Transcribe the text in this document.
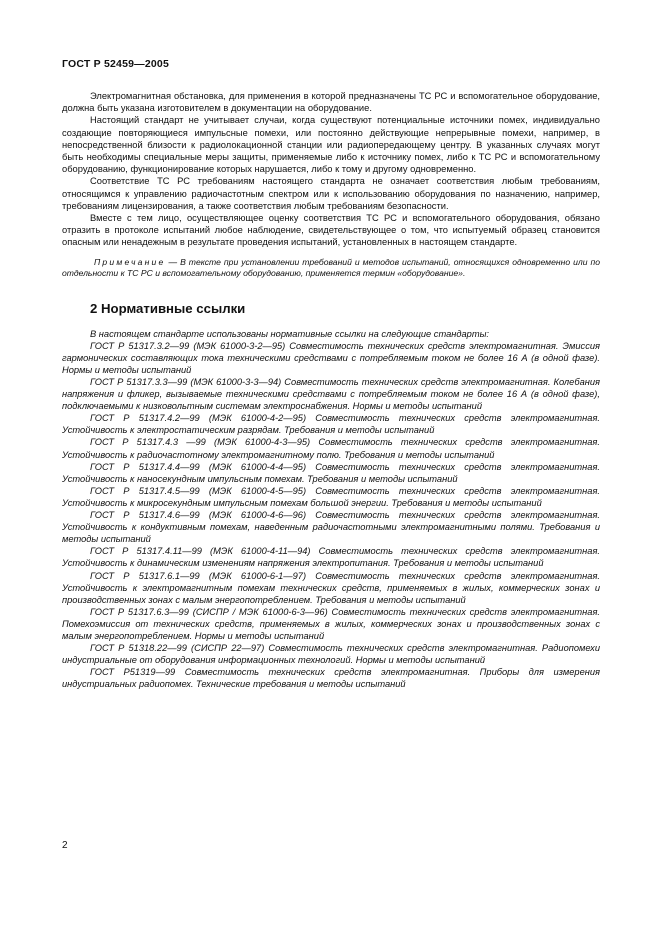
ГОСТ Р 52459—2005

Электромагнитная обстановка, для применения в которой предназначены ТС РС и вспомогательное оборудование, должна быть указана изготовителем в документации на оборудование.

Настоящий стандарт не учитывает случаи, когда существуют потенциальные источники помех, индивидуально создающие повторяющиеся импульсные помехи, или постоянно действующие непрерывные помехи, например, в непосредственной близости к радиолокационной станции или радиопередающему центру. В указанных случаях могут быть необходимы специальные меры защиты, применяемые либо к источнику помех, либо к ТС РС и вспомогательному оборудованию, функционирование которых нарушается, либо к тому и другому одновременно.

Соответствие ТС РС требованиям настоящего стандарта не означает соответствия любым требованиям, относящимся к управлению радиочастотным спектром или к использованию оборудования по назначению, например, требованиям лицензирования, а также соответствия любым требованиям безопасности.

Вместе с тем лицо, осуществляющее оценку соответствия ТС РС и вспомогательного оборудования, обязано отразить в протоколе испытаний любое наблюдение, свидетельствующее о том, что испытуемый образец становится опасным или ненадежным в результате проведения испытаний, установленных в настоящем стандарте.

Примечание — В тексте при установлении требований и методов испытаний, относящихся одновременно или по отдельности к ТС РС и вспомогательному оборудованию, применяется термин «оборудование».

2 Нормативные ссылки

В настоящем стандарте использованы нормативные ссылки на следующие стандарты:

ГОСТ Р 51317.3.2—99 (МЭК 61000-3-2—95) Совместимость технических средств электромагнитная. Эмиссия гармонических составляющих тока техническими средствами с потребляемым током не более 16 А (в одной фазе). Нормы и методы испытаний

ГОСТ Р 51317.3.3—99 (МЭК 61000-3-3—94) Совместимость технических средств электромагнитная. Колебания напряжения и фликер, вызываемые техническими средствами с потребляемым током не более 16 А (в одной фазе), подключаемыми к низковольтным системам электроснабжения. Нормы и методы испытаний

ГОСТ Р 51317.4.2—99 (МЭК 61000-4-2—95) Совместимость технических средств электромагнитная. Устойчивость к электростатическим разрядам. Требования и методы испытаний

ГОСТ Р 51317.4.3 —99 (МЭК 61000-4-3—95) Совместимость технических средств электромагнитная. Устойчивость к радиочастотному электромагнитному полю. Требования и методы испытаний

ГОСТ Р 51317.4.4—99 (МЭК 61000-4-4—95) Совместимость технических средств электромагнитная. Устойчивость к наносекундным импульсным помехам. Требования и методы испытаний

ГОСТ Р 51317.4.5—99 (МЭК 61000-4-5—95) Совместимость технических средств электромагнитная. Устойчивость к микросекундным импульсным помехам большой энергии. Требования и методы испытаний

ГОСТ Р 51317.4.6—99 (МЭК 61000-4-6—96) Совместимость технических средств электромагнитная. Устойчивость к кондуктивным помехам, наведенным радиочастотными электромагнитными полями. Требования и методы испытаний

ГОСТ Р 51317.4.11—99 (МЭК 61000-4-11—94) Совместимость технических средств электромагнитная. Устойчивость к динамическим изменениям напряжения электропитания. Требования и методы испытаний

ГОСТ Р 51317.6.1—99 (МЭК 61000-6-1—97) Совместимость технических средств электромагнитная. Устойчивость к электромагнитным помехам технических средств, применяемых в жилых, коммерческих зонах и производственных зонах с малым энергопотреблением. Требования и методы испытаний

ГОСТ Р 51317.6.3—99 (СИСПР / МЭК 61000-6-3—96) Совместимость технических средств электромагнитная. Помехоэмиссия от технических средств, применяемых в жилых, коммерческих зонах и производственных зонах с малым энергопотреблением. Нормы и методы испытаний

ГОСТ Р 51318.22—99 (СИСПР 22—97) Совместимость технических средств электромагнитная. Радиопомехи индустриальные от оборудования информационных технологий. Нормы и методы испытаний

ГОСТ Р51319—99 Совместимость технических средств электромагнитная. Приборы для измерения индустриальных радиопомех. Технические требования и методы испытаний

2
